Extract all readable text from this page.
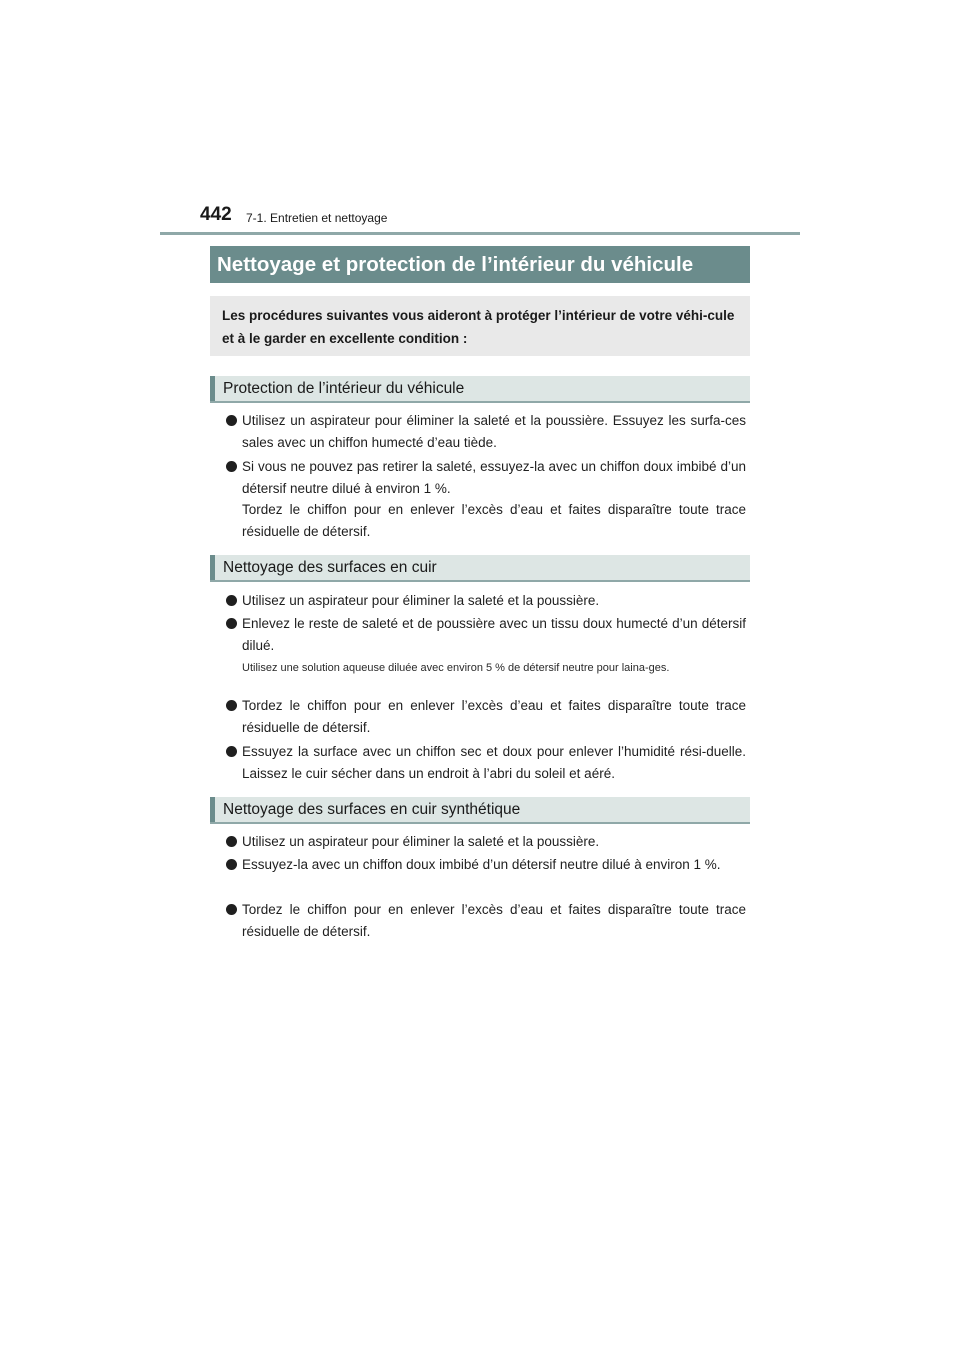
442 7-1. Entretien et nettoyage
Nettoyage et protection de l’intérieur du véhicule
Les procédures suivantes vous aideront à protéger l’intérieur de votre véhi-cule et à le garder en excellente condition :
Protection de l’intérieur du véhicule
Utilisez un aspirateur pour éliminer la saleté et la poussière. Essuyez les surfa-ces sales avec un chiffon humecté d’eau tiède.
Si vous ne pouvez pas retirer la saleté, essuyez-la avec un chiffon doux imbibé d’un détersif neutre dilué à environ 1 %.
Tordez le chiffon pour en enlever l’excès d’eau et faites disparaître toute trace résiduelle de détersif.
Nettoyage des surfaces en cuir
Utilisez un aspirateur pour éliminer la saleté et la poussière.
Enlevez le reste de saleté et de poussière avec un tissu doux humecté d’un détersif dilué.
Utilisez une solution aqueuse diluée avec environ 5 % de détersif neutre pour laina-ges.
Tordez le chiffon pour en enlever l’excès d’eau et faites disparaître toute trace résiduelle de détersif.
Essuyez la surface avec un chiffon sec et doux pour enlever l’humidité rési-duelle. Laissez le cuir sécher dans un endroit à l’abri du soleil et aéré.
Nettoyage des surfaces en cuir synthétique
Utilisez un aspirateur pour éliminer la saleté et la poussière.
Essuyez-la avec un chiffon doux imbibé d’un détersif neutre dilué à environ 1 %.
Tordez le chiffon pour en enlever l’excès d’eau et faites disparaître toute trace résiduelle de détersif.
